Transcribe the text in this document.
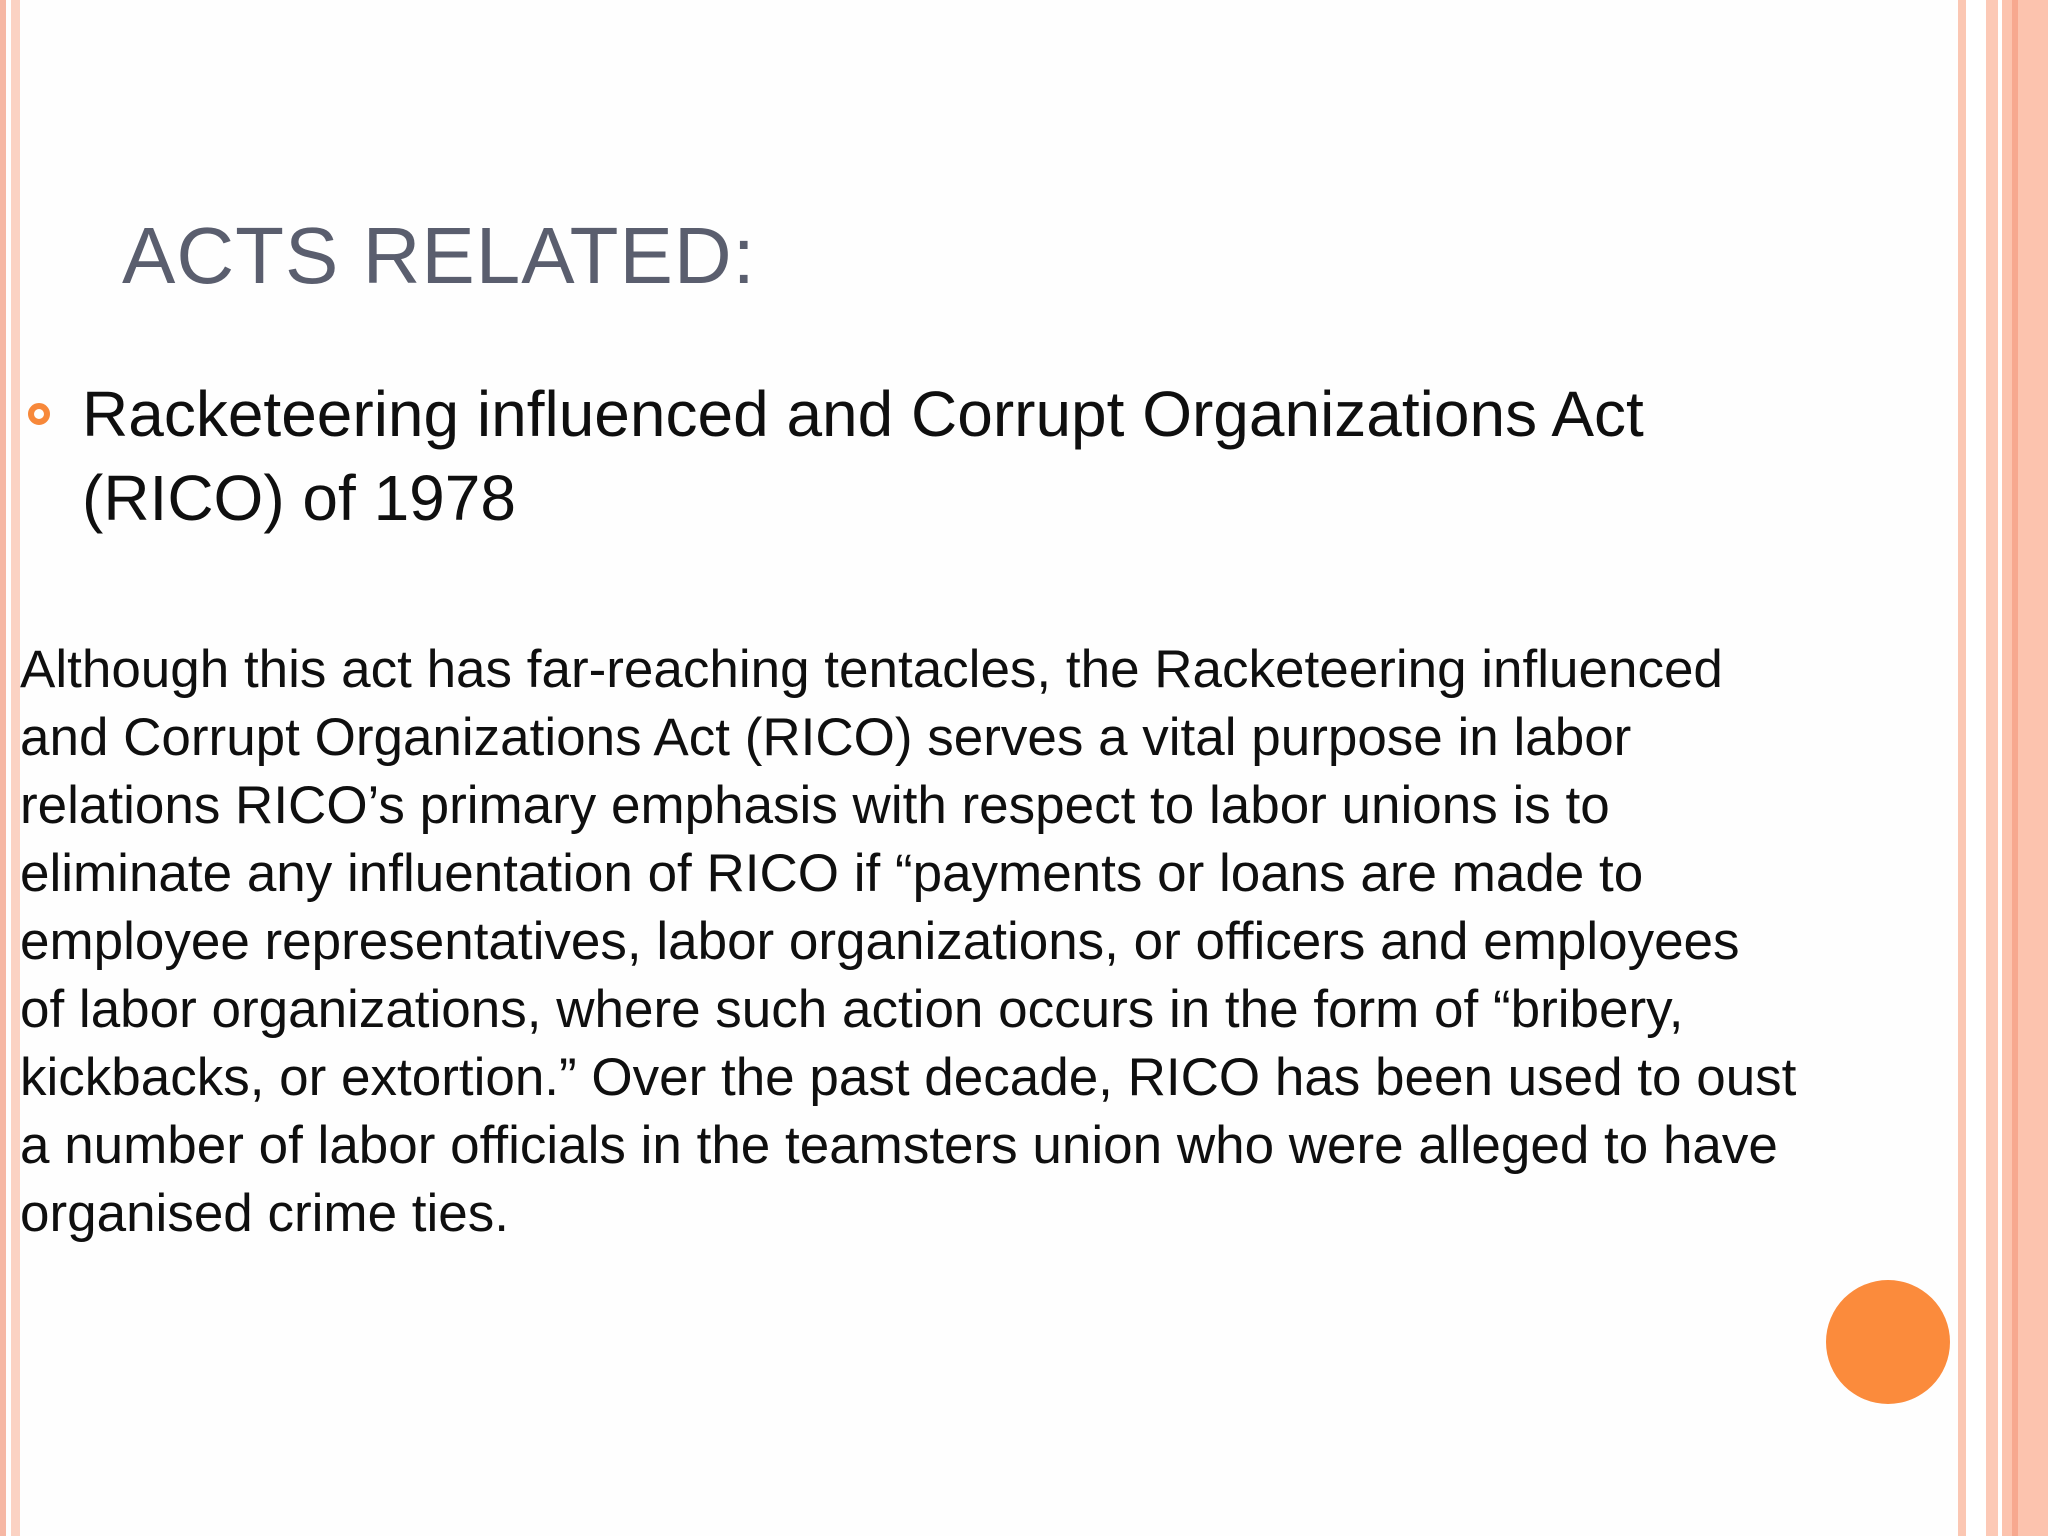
ACTS RELATED:

Racketeering influenced and Corrupt Organizations Act
(RICO) of 1978

Although this act has far-reaching tentacles, the Racketeering influenced
and Corrupt Organizations Act (RICO) serves a vital purpose in labor
relations RICO’s primary emphasis with respect to labor unions is to
eliminate any influentation of RICO if “payments or loans are made to
employee representatives, labor organizations, or officers and employees
of labor organizations, where such action occurs in the form of “bribery,
kickbacks, or extortion.” Over the past decade, RICO has been used to oust
a number of labor officials in the teamsters union who were alleged to have
organised crime ties.
